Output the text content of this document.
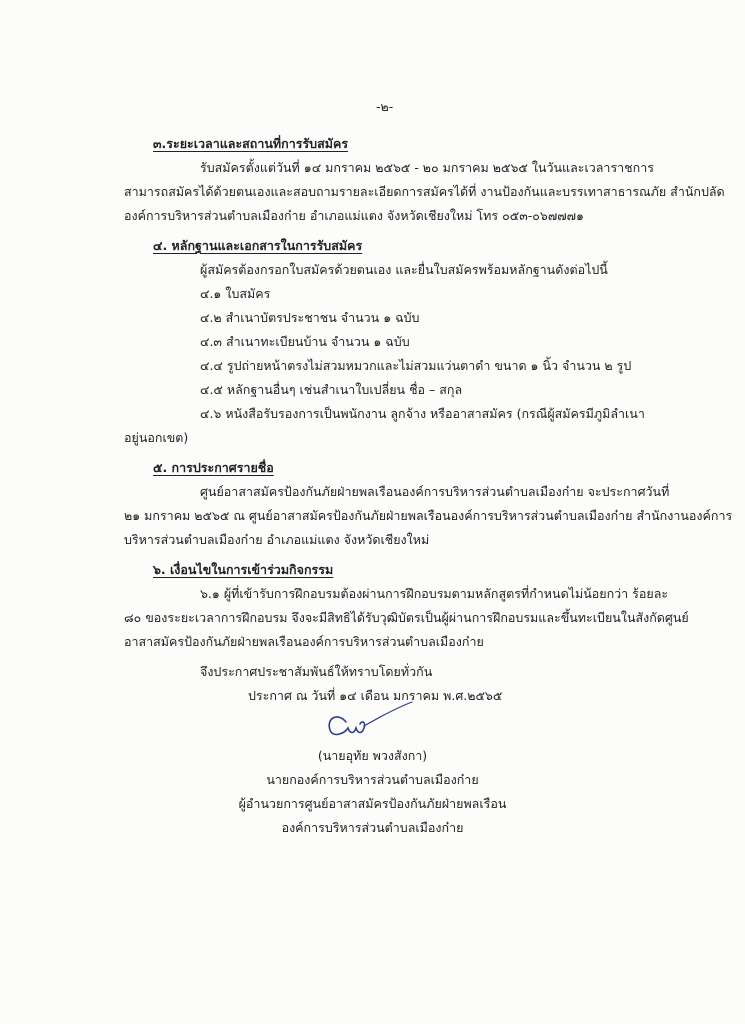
-๒-
๓.ระยะเวลาและสถานที่การรับสมัคร
รับสมัครตั้งแต่วันที่ ๑๔ มกราคม ๒๕๖๕ - ๒๐ มกราคม ๒๕๖๕ ในวันและเวลาราชการ
สามารถสมัครได้ด้วยตนเองและสอบถามรายละเอียดการสมัครได้ที่ งานป้องกันและบรรเทาสาธารณภัย สำนักปลัด
องค์การบริหารส่วนตำบลเมืองก๋าย อำเภอแม่แตง จังหวัดเชียงใหม่ โทร ๐๕๓-๐๖๗๗๗๑
๔. หลักฐานและเอกสารในการรับสมัคร
ผู้สมัครต้องกรอกใบสมัครด้วยตนเอง และยื่นใบสมัครพร้อมหลักฐานดังต่อไปนี้
๔.๑ ใบสมัคร
๔.๒ สำเนาบัตรประชาชน จำนวน ๑ ฉบับ
๔.๓ สำเนาทะเบียนบ้าน จำนวน ๑ ฉบับ
๔.๔ รูปถ่ายหน้าตรงไม่สวมหมวกและไม่สวมแว่นตาดำ ขนาด ๑ นิ้ว จำนวน ๒ รูป
๔.๕ หลักฐานอื่นๆ เช่นสำเนาใบเปลี่ยน ชื่อ – สกุล
๔.๖ หนังสือรับรองการเป็นพนักงาน ลูกจ้าง หรืออาสาสมัคร (กรณีผู้สมัครมีภูมิลำเนา
อยู่นอกเขต)
๕. การประกาศรายชื่อ
ศูนย์อาสาสมัครป้องกันภัยฝ่ายพลเรือนองค์การบริหารส่วนตำบลเมืองก๋าย จะประกาศวันที่
๒๑ มกราคม ๒๕๖๕ ณ ศูนย์อาสาสมัครป้องกันภัยฝ่ายพลเรือนองค์การบริหารส่วนตำบลเมืองก๋าย สำนักงานองค์การ
บริหารส่วนตำบลเมืองก๋าย อำเภอแม่แตง จังหวัดเชียงใหม่
๖. เงื่อนไขในการเข้าร่วมกิจกรรม
๖.๑ ผู้ที่เข้ารับการฝึกอบรมต้องผ่านการฝึกอบรมตามหลักสูตรที่กำหนดไม่น้อยกว่า ร้อยละ
๘๐ ของระยะเวลาการฝึกอบรม จึงจะมีสิทธิได้รับวุฒิบัตรเป็นผู้ผ่านการฝึกอบรมและขึ้นทะเบียนในสังกัดศูนย์
อาสาสมัครป้องกันภัยฝ่ายพลเรือนองค์การบริหารส่วนตำบลเมืองก๋าย
จึงประกาศประชาสัมพันธ์ให้ทราบโดยทั่วกัน
ประกาศ ณ วันที่ ๑๔ เดือน มกราคม พ.ศ.๒๕๖๕
(นายอุทัย พวงสังกา)
นายกองค์การบริหารส่วนตำบลเมืองก๋าย
ผู้อำนวยการศูนย์อาสาสมัครป้องกันภัยฝ่ายพลเรือน
องค์การบริหารส่วนตำบลเมืองก๋าย
